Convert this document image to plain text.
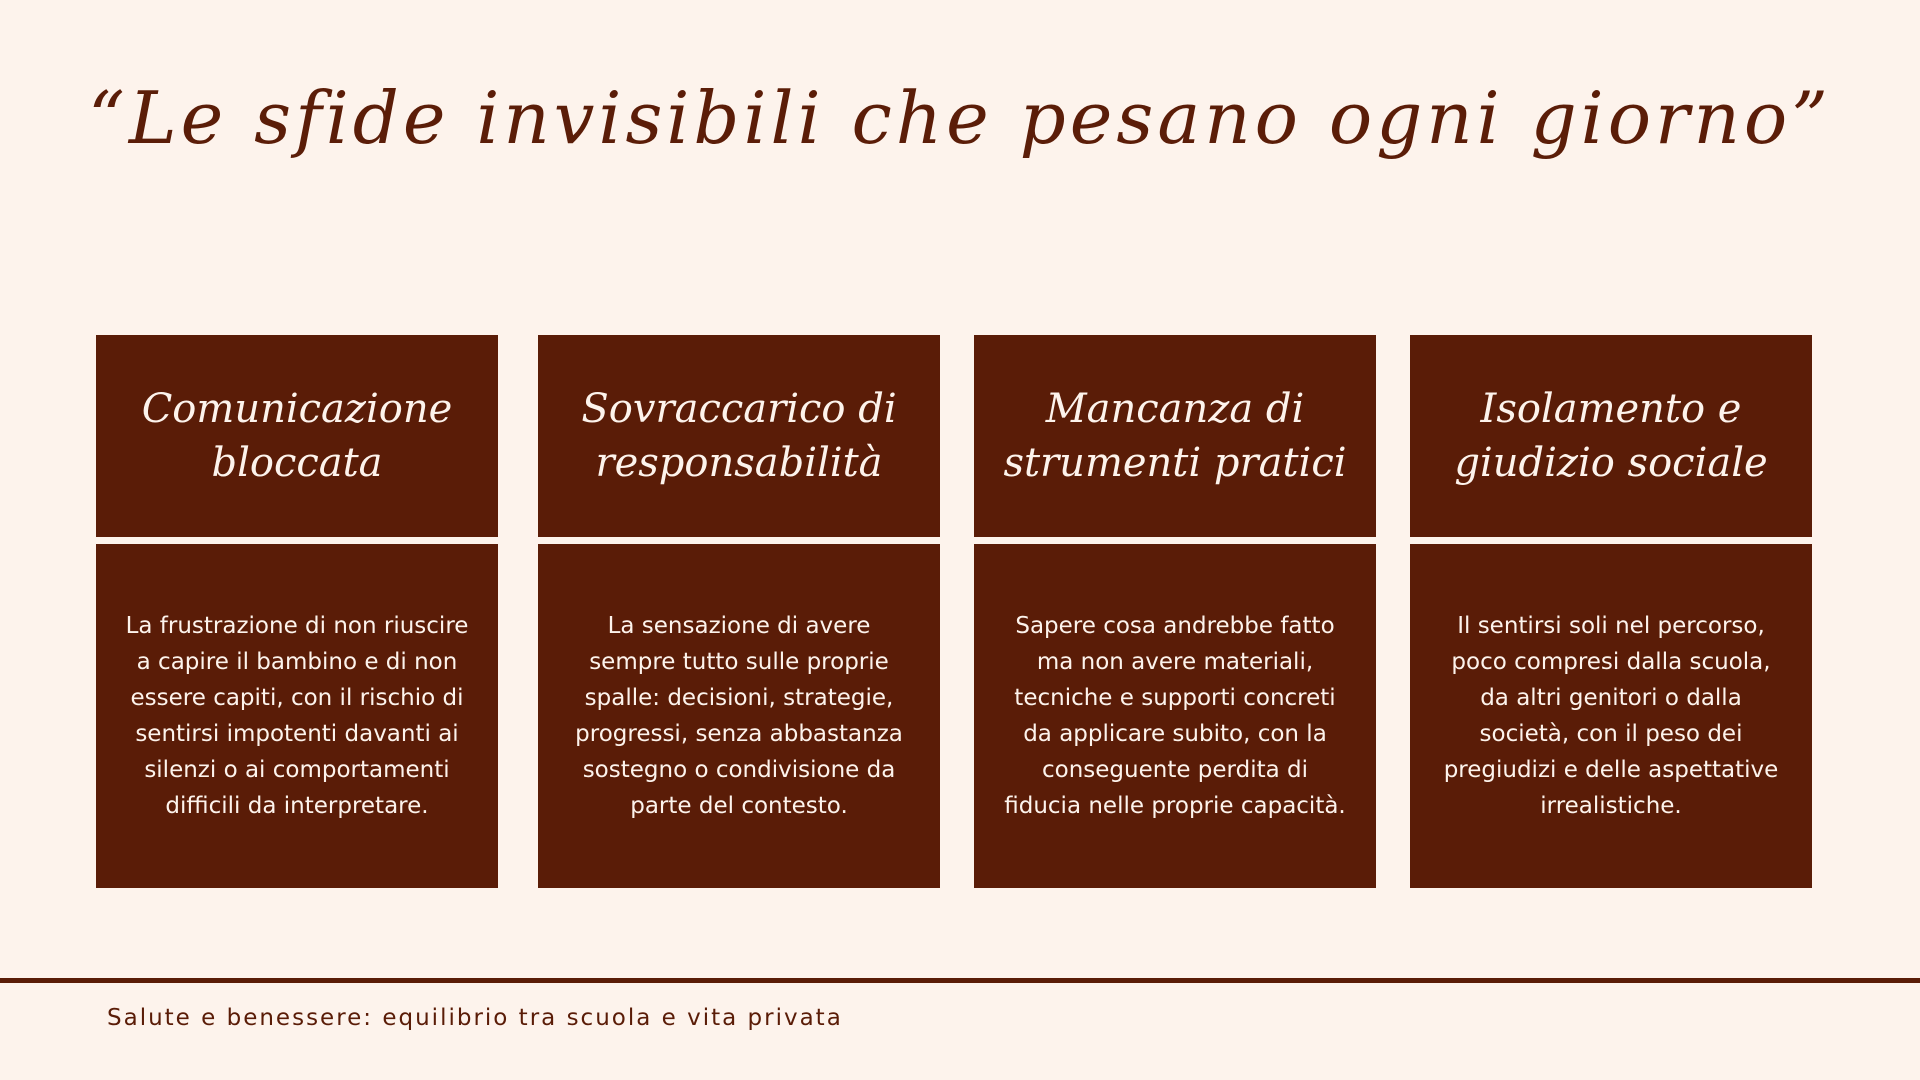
“Le sfide invisibili che pesano ogni giorno”
Comunicazione bloccata
La frustrazione di non riuscire a capire il bambino e di non essere capiti, con il rischio di sentirsi impotenti davanti ai silenzi o ai comportamenti difficili da interpretare.
Sovraccarico di responsabilità
La sensazione di avere sempre tutto sulle proprie spalle: decisioni, strategie, progressi, senza abbastanza sostegno o condivisione da parte del contesto.
Mancanza di strumenti pratici
Sapere cosa andrebbe fatto ma non avere materiali, tecniche e supporti concreti da applicare subito, con la conseguente perdita di fiducia nelle proprie capacità.
Isolamento e giudizio sociale
Il sentirsi soli nel percorso, poco compresi dalla scuola, da altri genitori o dalla società, con il peso dei pregiudizi e delle aspettative irrealistiche.
Salute e benessere: equilibrio tra scuola e vita privata
